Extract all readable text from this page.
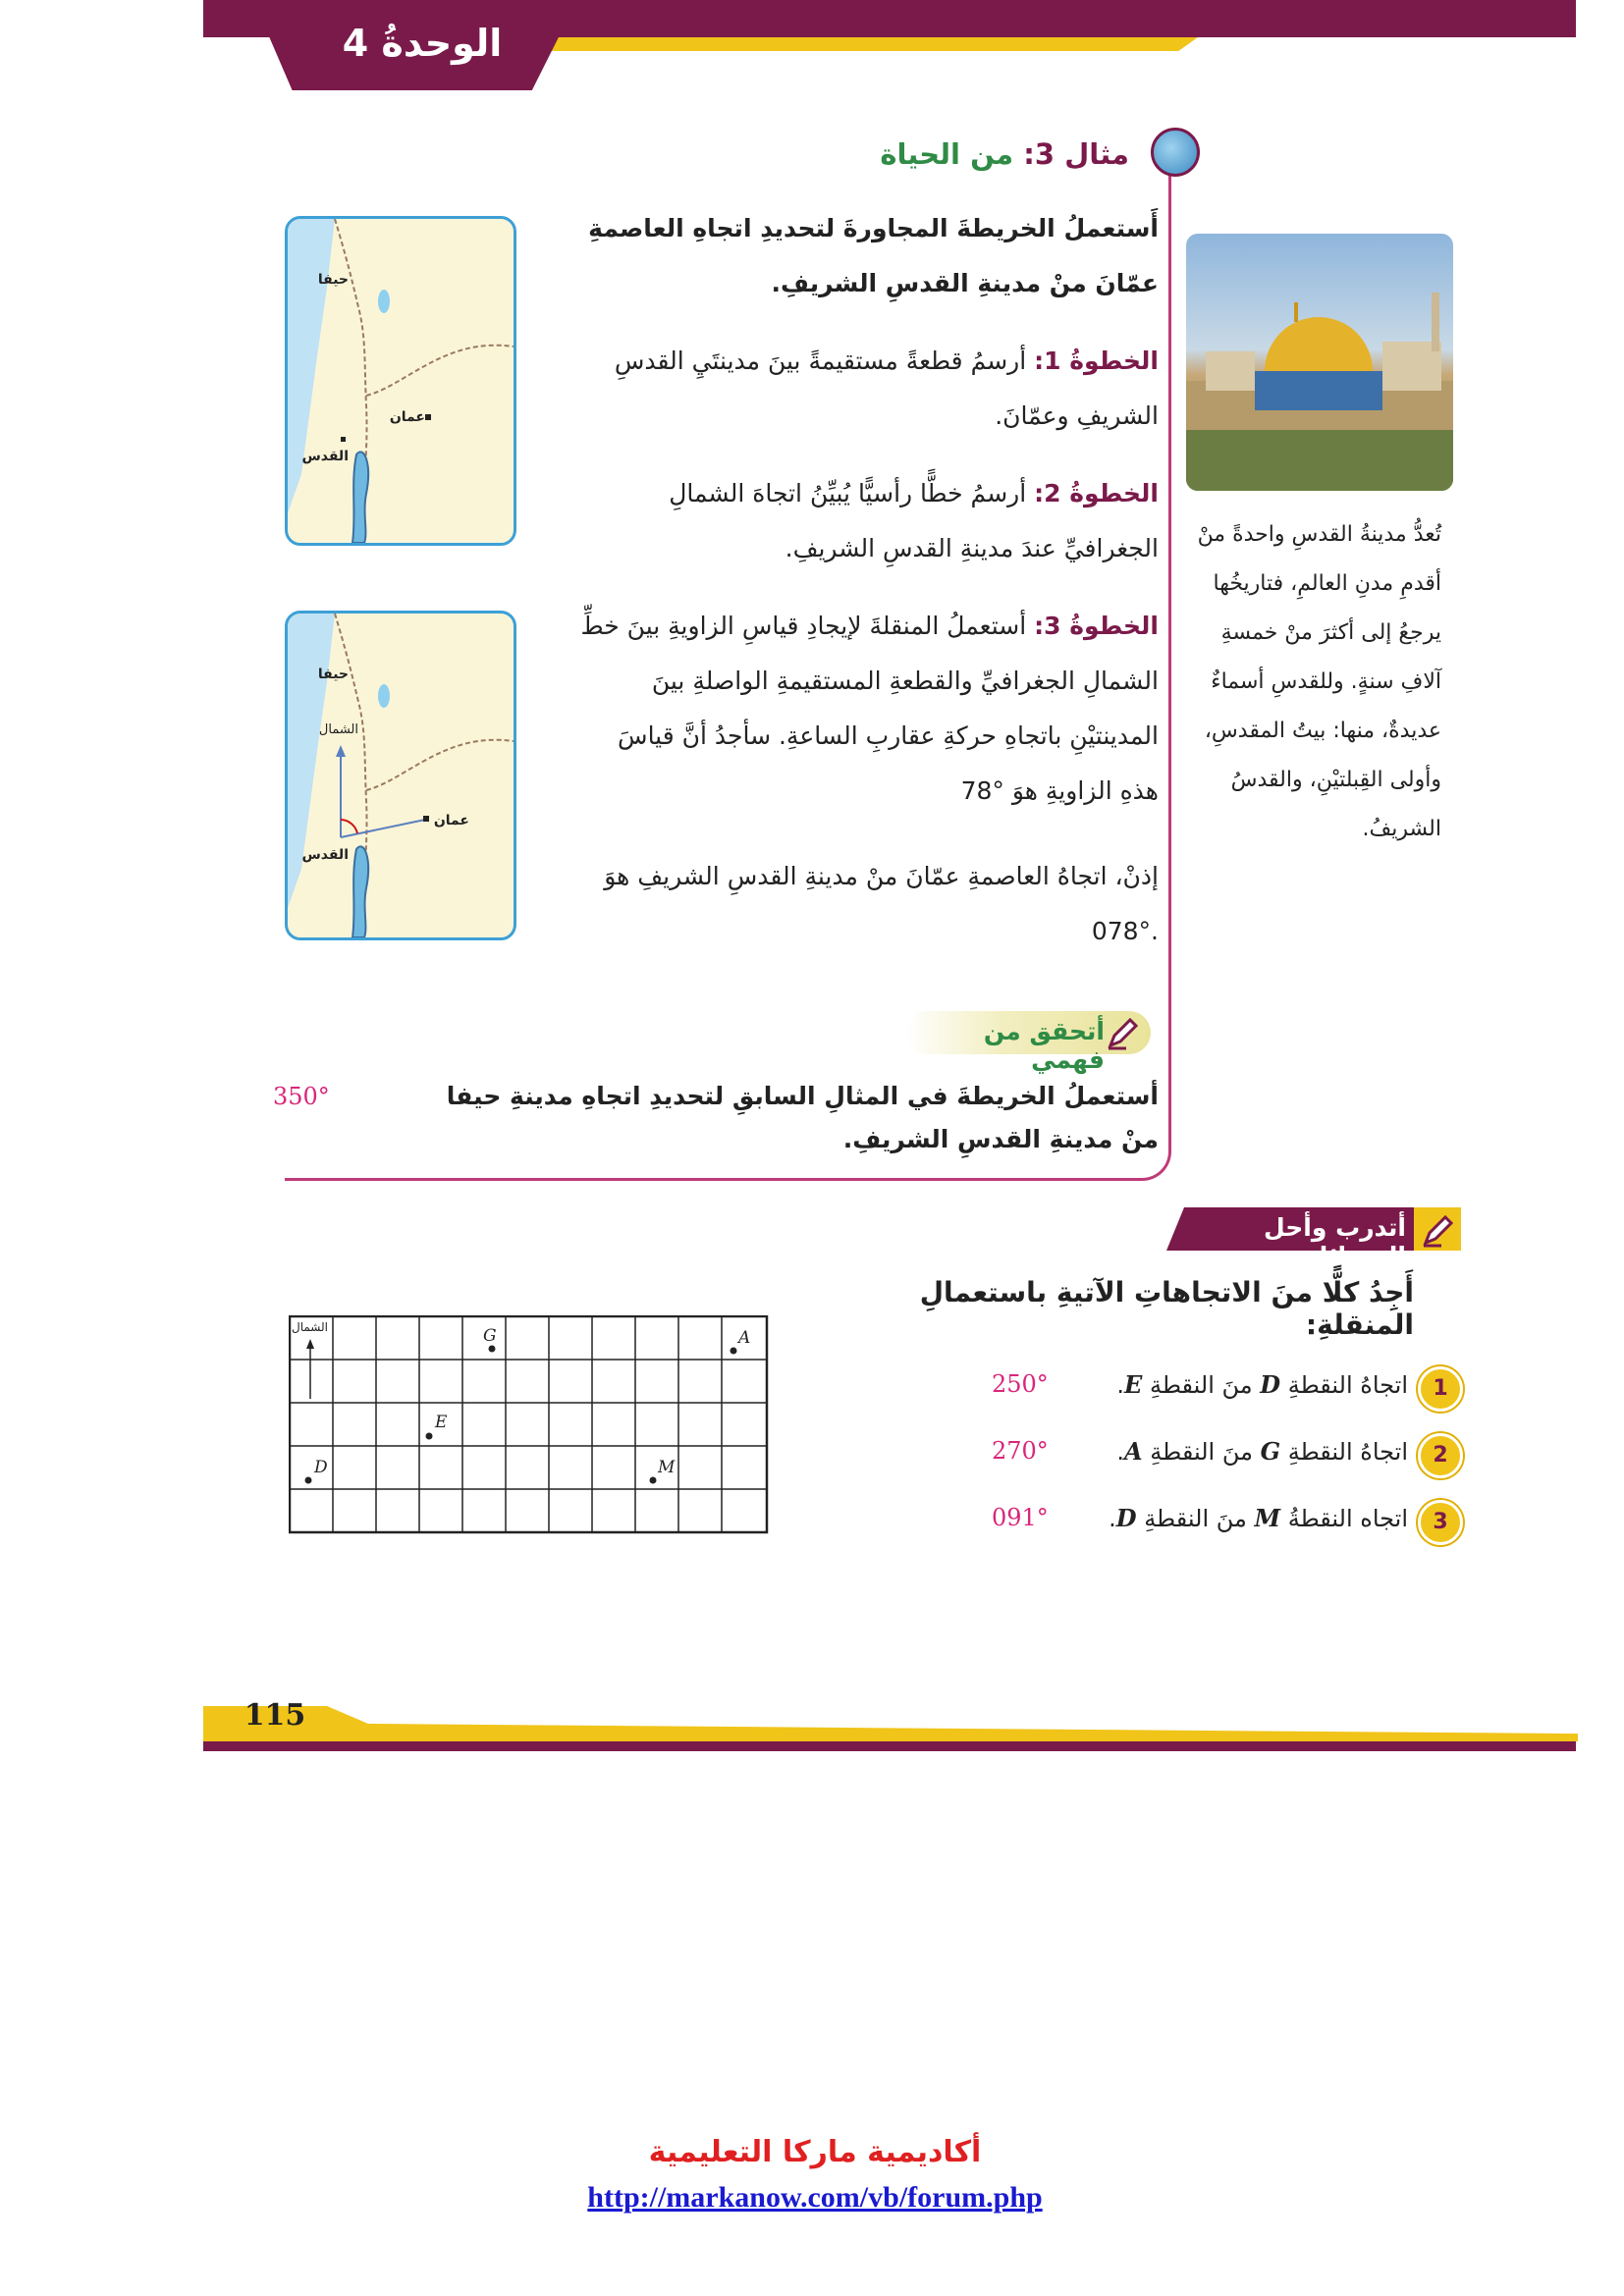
الوحدةُ 4
مثال 3: من الحياة
أَستعملُ الخريطةَ المجاورةَ لتحديدِ اتجاهِ العاصمةِ عمّانَ منْ مدينةِ القدسِ الشريفِ.
الخطوةُ 1: أرسمُ قطعةً مستقيمةً بينَ مدينتَيِ القدسِ الشريفِ وعمّانَ.
الخطوةُ 2: أرسمُ خطًّا رأسيًّا يُبيِّنُ اتجاهَ الشمالِ الجغرافيِّ عندَ مدينةِ القدسِ الشريفِ.
الخطوةُ 3: أستعملُ المنقلةَ لإيجادِ قياسِ الزاويةِ بينَ خطِّ الشمالِ الجغرافيِّ والقطعةِ المستقيمةِ الواصلةِ بينَ المدينتيْنِ باتجاهِ حركةِ عقاربِ الساعةِ. سأجدُ أنَّ قياسَ هذهِ الزاويةِ هوَ 78°
إذنْ، اتجاهُ العاصمةِ عمّانَ منْ مدينةِ القدسِ الشريفِ هوَ 078°.
حيفا
عمان
القدس
حيفا
الشمال
عمان
القدس
تُعدُّ مدينةُ القدسِ واحدةً منْ أقدمِ مدنِ العالمِ، فتاريخُها يرجعُ إلى أكثرَ منْ خمسةِ آلافِ سنةٍ. وللقدسِ أسماءٌ عديدةٌ، منها: بيتُ المقدسِ، وأولى القِبلتيْنِ، والقدسُ الشريفُ.
أتحقق من فهمي
أستعملُ الخريطةَ في المثالِ السابقِ لتحديدِ اتجاهِ مدينةِ حيفا منْ مدينةِ القدسِ الشريفِ.
350°
أتدرب وأحل المسائل
أَجِدُ كلًّا منَ الاتجاهاتِ الآتيةِ باستعمالِ المنقلةِ:
1
اتجاهُ النقطةِ D منَ النقطةِ E.
250°
2
اتجاهُ النقطةِ G منَ النقطةِ A.
270°
3
اتجاه النقطةُ M منَ النقطةِ D.
091°
الشمال	G	A
E
D	M
115
أكاديمية ماركا التعليمية
http://markanow.com/vb/forum.php
